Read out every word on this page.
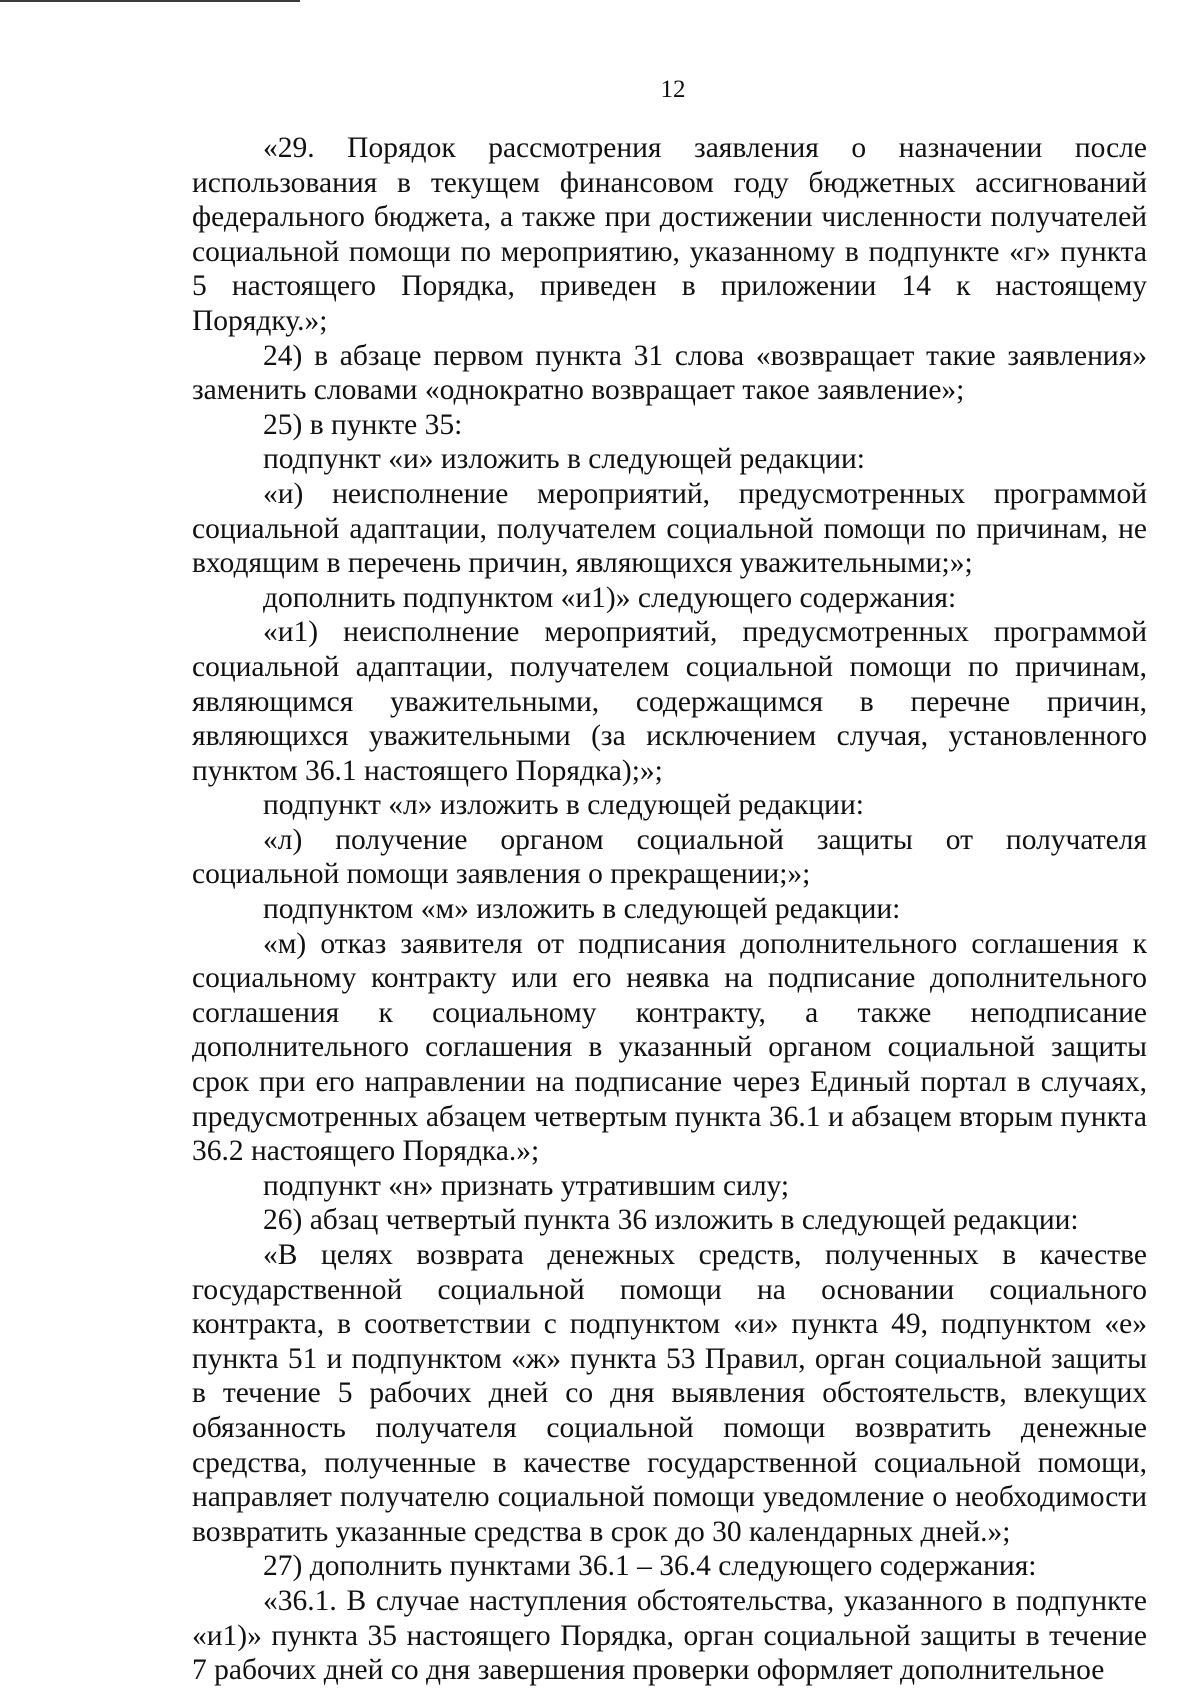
12

«29. Порядок рассмотрения заявления о назначении после использования в текущем финансовом году бюджетных ассигнований федерального бюджета, а также при достижении численности получателей социальной помощи по мероприятию, указанному в подпункте «г» пункта 5 настоящего Порядка, приведен в приложении 14 к настоящему Порядку.»;

24) в абзаце первом пункта 31 слова «возвращает такие заявления» заменить словами «однократно возвращает такое заявление»;

25) в пункте 35:

подпункт «и» изложить в следующей редакции:

«и) неисполнение мероприятий, предусмотренных программой социальной адаптации, получателем социальной помощи по причинам, не входящим в перечень причин, являющихся уважительными;»;

дополнить подпунктом «и1)» следующего содержания:

«и1) неисполнение мероприятий, предусмотренных программой социальной адаптации, получателем социальной помощи по причинам, являющимся уважительными, содержащимся в перечне причин, являющихся уважительными (за исключением случая, установленного пунктом 36.1 настоящего Порядка);»;

подпункт «л» изложить в следующей редакции:

«л) получение органом социальной защиты от получателя социальной помощи заявления о прекращении;»;

подпунктом «м» изложить в следующей редакции:

«м) отказ заявителя от подписания дополнительного соглашения к социальному контракту или его неявка на подписание дополнительного соглашения к социальному контракту, а также неподписание дополнительного соглашения в указанный органом социальной защиты срок при его направлении на подписание через Единый портал в случаях, предусмотренных абзацем четвертым пункта 36.1 и абзацем вторым пункта 36.2 настоящего Порядка.»;

подпункт «н» признать утратившим силу;

26) абзац четвертый пункта 36 изложить в следующей редакции:

«В целях возврата денежных средств, полученных в качестве государственной социальной помощи на основании социального контракта, в соответствии с подпунктом «и» пункта 49, подпунктом «е» пункта 51 и подпунктом «ж» пункта 53 Правил, орган социальной защиты в течение 5 рабочих дней со дня выявления обстоятельств, влекущих обязанность получателя социальной помощи возвратить денежные средства, полученные в качестве государственной социальной помощи, направляет получателю социальной помощи уведомление о необходимости возвратить указанные средства в срок до 30 календарных дней.»;

27) дополнить пунктами 36.1 – 36.4 следующего содержания:

«36.1. В случае наступления обстоятельства, указанного в подпункте «и1)» пункта 35 настоящего Порядка, орган социальной защиты в течение 7 рабочих дней со дня завершения проверки оформляет дополнительное
